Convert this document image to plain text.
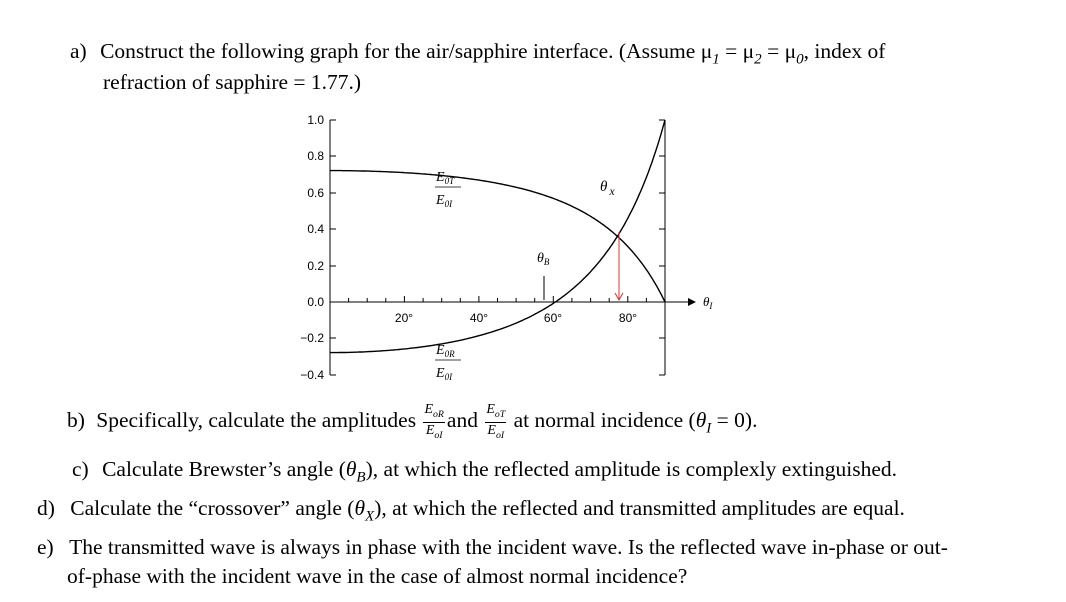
a) Construct the following graph for the air/sapphire interface. (Assume $\mu_1 = \mu_2 = \mu_0$, index of
refraction of sapphire = 1.77.)
1.0
0.8
0.6
0.4
0.2
0.0
−0.2
−0.4
$\theta_I$
20°	40°	60°	80°
$\theta_B$
θ $_x$
$E_{0T}$
$E_{0I}$
$E_{0R}$
$E_{0I}$
b) Specifically, calculate the amplitudes $\frac{E_{oR}}{E_{oI}}$ and $\frac{E_{oT}}{E_{oI}}$ at normal incidence $(\theta_I = 0)$.
c) Calculate Brewster’s angle $(\theta_B)$, at which the reflected amplitude is complexly extinguished.
d) Calculate the “crossover” angle $(\theta_X)$, at which the reflected and transmitted amplitudes are equal.
e) The transmitted wave is always in phase with the incident wave. Is the reflected wave in-phase or out-
of-phase with the incident wave in the case of almost normal incidence?
